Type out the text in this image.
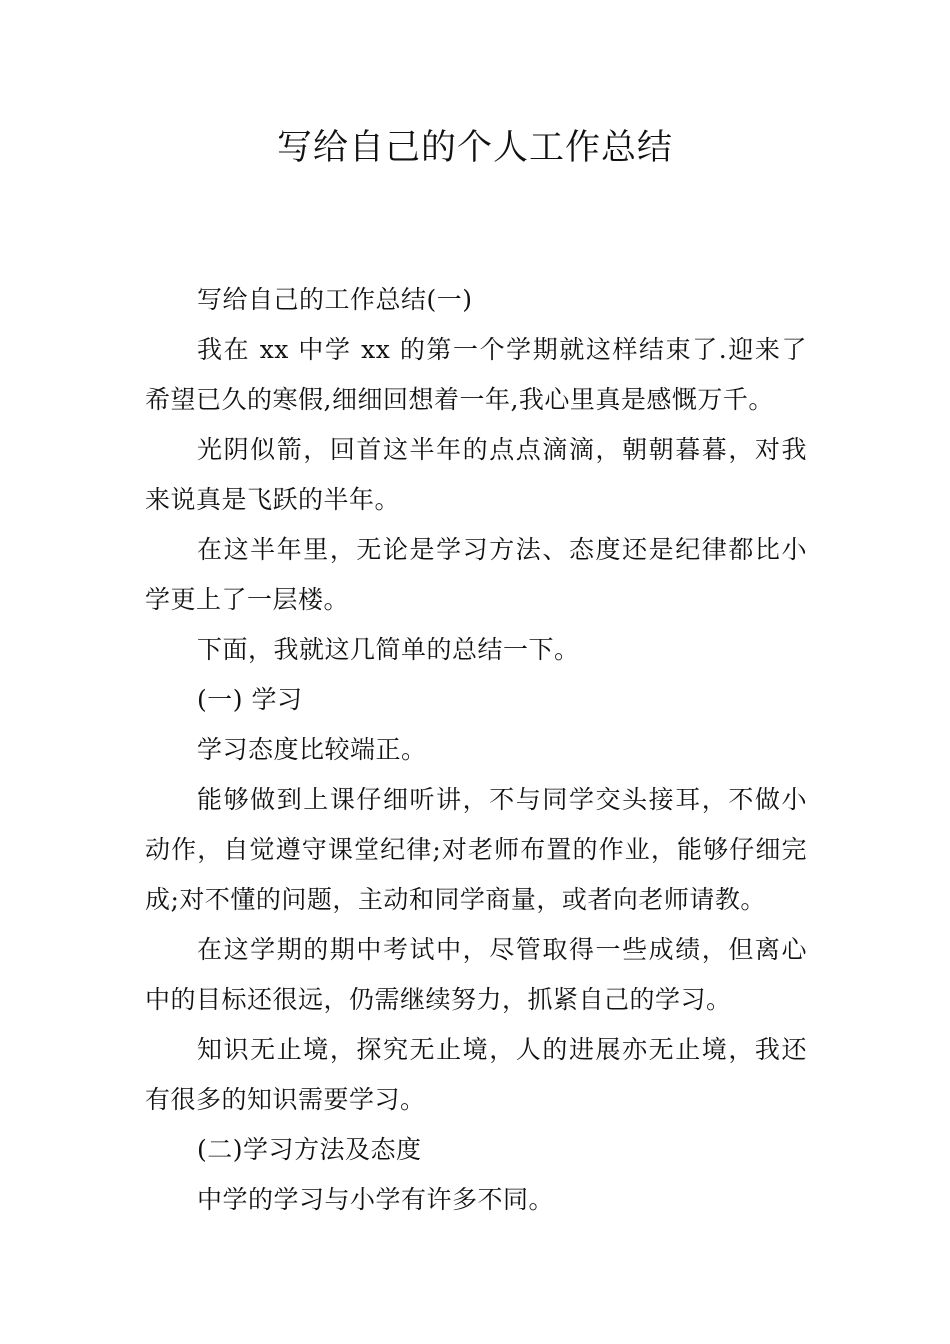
写给自己的个人工作总结

写给自己的工作总结(一)

我在 xx 中学 xx 的第一个学期就这样结束了.迎来了希望已久的寒假,细细回想着一年,我心里真是感慨万千。

光阴似箭，回首这半年的点点滴滴，朝朝暮暮，对我来说真是飞跃的半年。

在这半年里，无论是学习方法、态度还是纪律都比小学更上了一层楼。

下面，我就这几简单的总结一下。

(一) 学习

学习态度比较端正。

能够做到上课仔细听讲，不与同学交头接耳，不做小动作，自觉遵守课堂纪律;对老师布置的作业，能够仔细完成;对不懂的问题，主动和同学商量，或者向老师请教。

在这学期的期中考试中，尽管取得一些成绩，但离心中的目标还很远，仍需继续努力，抓紧自己的学习。

知识无止境，探究无止境，人的进展亦无止境，我还有很多的知识需要学习。

(二)学习方法及态度

中学的学习与小学有许多不同。
